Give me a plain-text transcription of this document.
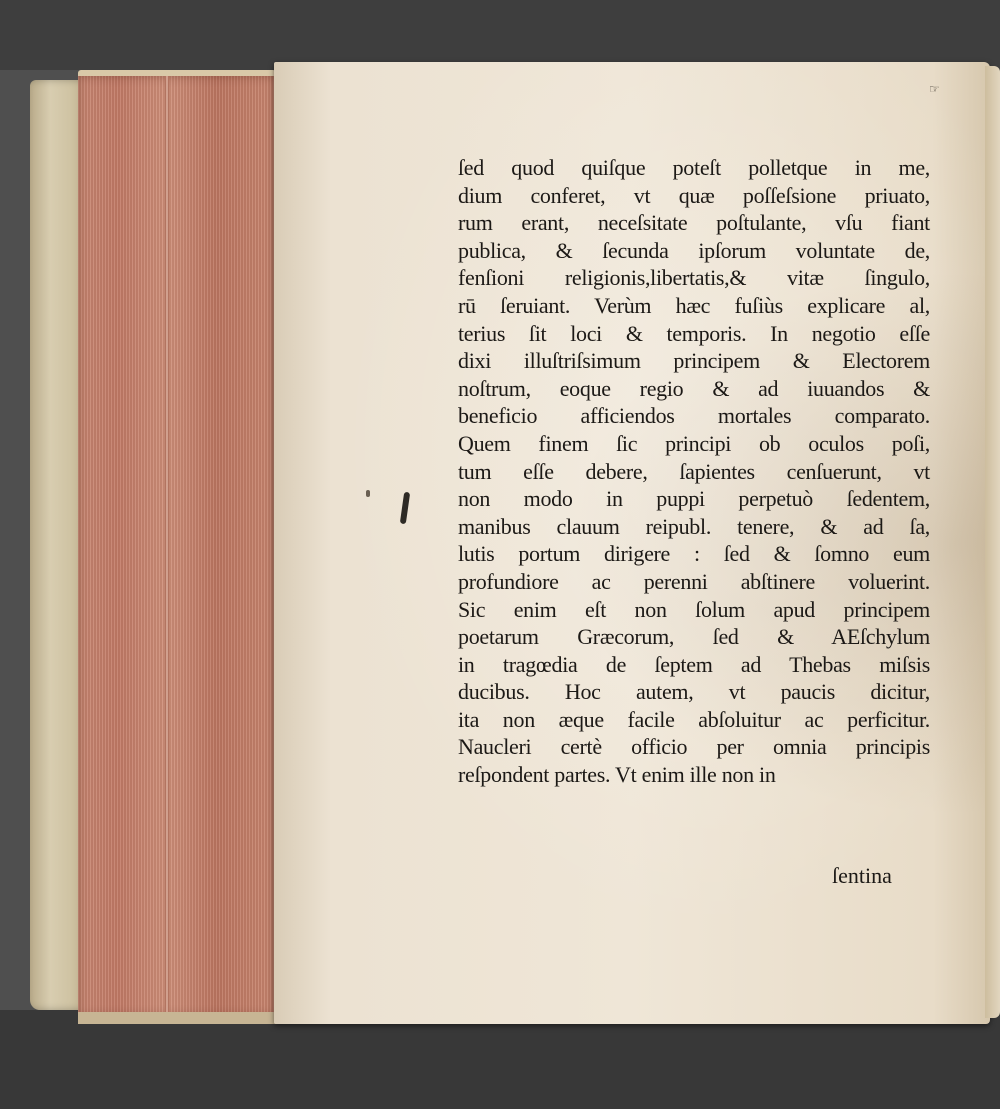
☞
ſed quod quiſque poteſt polletque in me,
dium conferet, vt quæ poſſeſsione priuato,
rum erant, neceſsitate poſtulante, vſu fiant
publica, & ſecunda ipſorum voluntate de,
fenſioni religionis,libertatis,& vitæ ſingulo,
rū ſeruiant. Verùm hæc fuſiùs explicare al,
terius ſit loci & temporis. In negotio eſſe
dixi illuſtriſsimum principem & Electorem
noſtrum, eoque regio & ad iuuandos &
beneficio afficiendos mortales comparato.
Quem finem ſic principi ob oculos poſi,
tum eſſe debere, ſapientes cenſuerunt, vt
non modo in puppi perpetuò ſedentem,
manibus clauum reipubl. tenere, & ad ſa,
lutis portum dirigere : ſed & ſomno eum
profundiore ac perenni abſtinere voluerint.
Sic enim eſt non ſolum apud principem
poetarum Græcorum, ſed & AEſchylum
in tragœdia de ſeptem ad Thebas miſsis
ducibus. Hoc autem, vt paucis dicitur,
ita non æque facile abſoluitur ac perficitur.
Naucleri certè officio per omnia principis
reſpondent partes. Vt enim ille non in
ſentina
